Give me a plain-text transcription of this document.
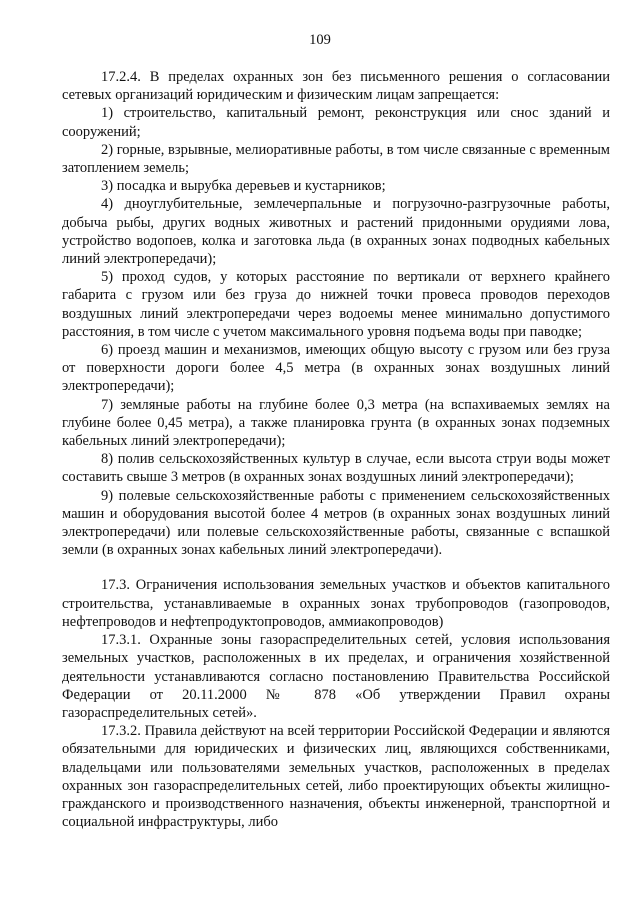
109

17.2.4. В пределах охранных зон без письменного решения о согласовании сетевых организаций юридическим и физическим лицам запрещается:

1) строительство, капитальный ремонт, реконструкция или снос зданий и сооружений;

2) горные, взрывные, мелиоративные работы, в том числе связанные с временным затоплением земель;

3) посадка и вырубка деревьев и кустарников;

4) дноуглубительные, землечерпальные и погрузочно-разгрузочные работы, добыча рыбы, других водных животных и растений придонными орудиями лова, устройство водопоев, колка и заготовка льда (в охранных зонах подводных кабельных линий электропередачи);

5) проход судов, у которых расстояние по вертикали от верхнего крайнего габарита с грузом или без груза до нижней точки провеса проводов переходов воздушных линий электропередачи через водоемы менее минимально допустимого расстояния, в том числе с учетом максимального уровня подъема воды при паводке;

6) проезд машин и механизмов, имеющих общую высоту с грузом или без груза от поверхности дороги более 4,5 метра (в охранных зонах воздушных линий электропередачи);

7) земляные работы на глубине более 0,3 метра (на вспахиваемых землях на глубине более 0,45 метра), а также планировка грунта (в охранных зонах подземных кабельных линий электропередачи);

8) полив сельскохозяйственных культур в случае, если высота струи воды может составить свыше 3 метров (в охранных зонах воздушных линий электропередачи);

9) полевые сельскохозяйственные работы с применением сельскохозяйственных машин и оборудования высотой более 4 метров (в охранных зонах воздушных линий электропередачи) или полевые сельскохозяйственные работы, связанные с вспашкой земли (в охранных зонах кабельных линий электропередачи).

17.3. Ограничения использования земельных участков и объектов капитального строительства, устанавливаемые в охранных зонах трубопроводов (газопроводов, нефтепроводов и нефтепродуктопроводов, аммиакопроводов)

17.3.1. Охранные зоны газораспределительных сетей, условия использования земельных участков, расположенных в их пределах, и ограничения хозяйственной деятельности устанавливаются согласно постановлению Правительства Российской Федерации от 20.11.2000 № 878 «Об утверждении Правил охраны газораспределительных сетей».

17.3.2. Правила действуют на всей территории Российской Федерации и являются обязательными для юридических и физических лиц, являющихся собственниками, владельцами или пользователями земельных участков, расположенных в пределах охранных зон газораспределительных сетей, либо проектирующих объекты жилищно-гражданского и производственного назначения, объекты инженерной, транспортной и социальной инфраструктуры, либо
